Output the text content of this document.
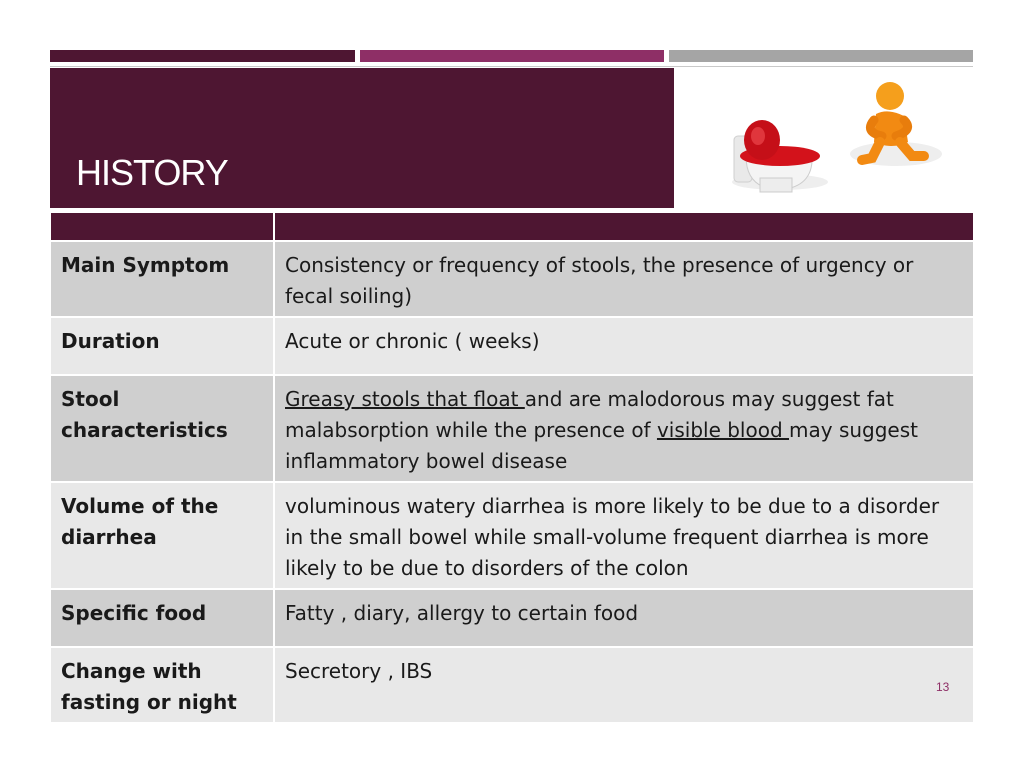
HISTORY

Main Symptom	Consistency or frequency of stools, the presence of urgency or fecal soiling)
Duration	Acute or chronic ( weeks)
Stool characteristics	Greasy stools that float and are malodorous may suggest fat malabsorption while the presence of visible blood may suggest inflammatory bowel disease
Volume of the diarrhea	voluminous watery diarrhea is more likely to be due to a disorder in the small bowel while small-volume frequent diarrhea is more likely to be due to disorders of the colon
Specific food	Fatty , diary, allergy to certain food
Change with fasting or night	Secretory , IBS
13
